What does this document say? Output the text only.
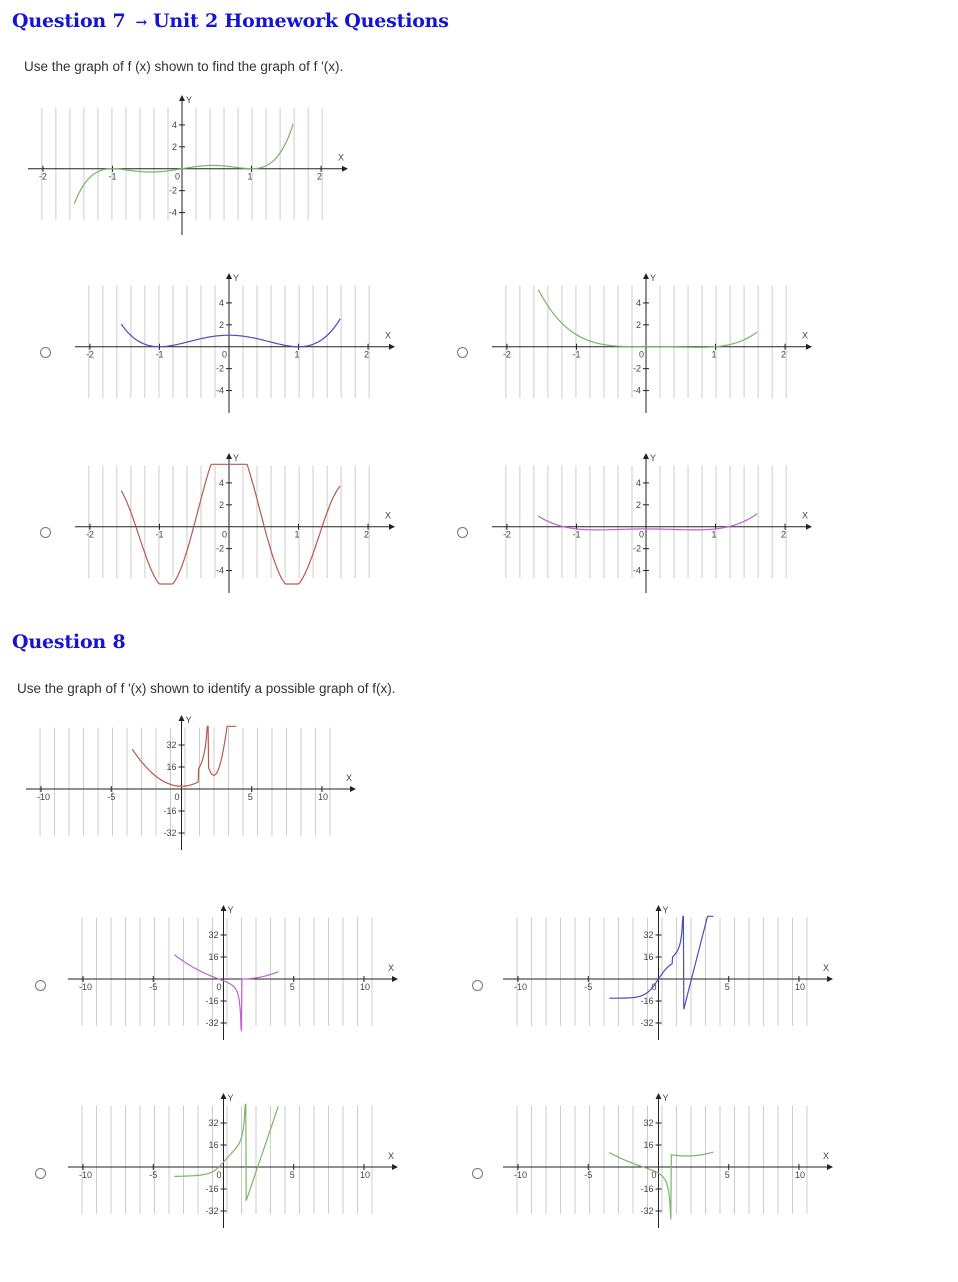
Question 7 → Unit 2 Homework Questions
Use the graph of f (x) shown to find the graph of f '(x).
X
Y
0
-2	-1	1	2
4
2
-2
-4
X
Y
0
-2	-1	1	2
4
2
-2
-4
X
Y
0
-2	-1	1	2
4
2
-2
-4
X
Y
0
-2	-1	1	2
4
2
-2
-4
X
Y
0
-2	-1	1	2
4
2
-2
-4
Question 8
Use the graph of f '(x) shown to identify a possible graph of f(x).
X
Y
0
-10	-5	5	10
32
16
-16
-32
X
Y
0
-10	-5	5	10
32
16
-16
-32
X
Y
0
-10	-5	5	10
32
16
-16
-32
X
Y
0
-10	-5	5	10
32
16
-16
-32
X
Y
0
-10	-5	5	10
32
16
-16
-32
